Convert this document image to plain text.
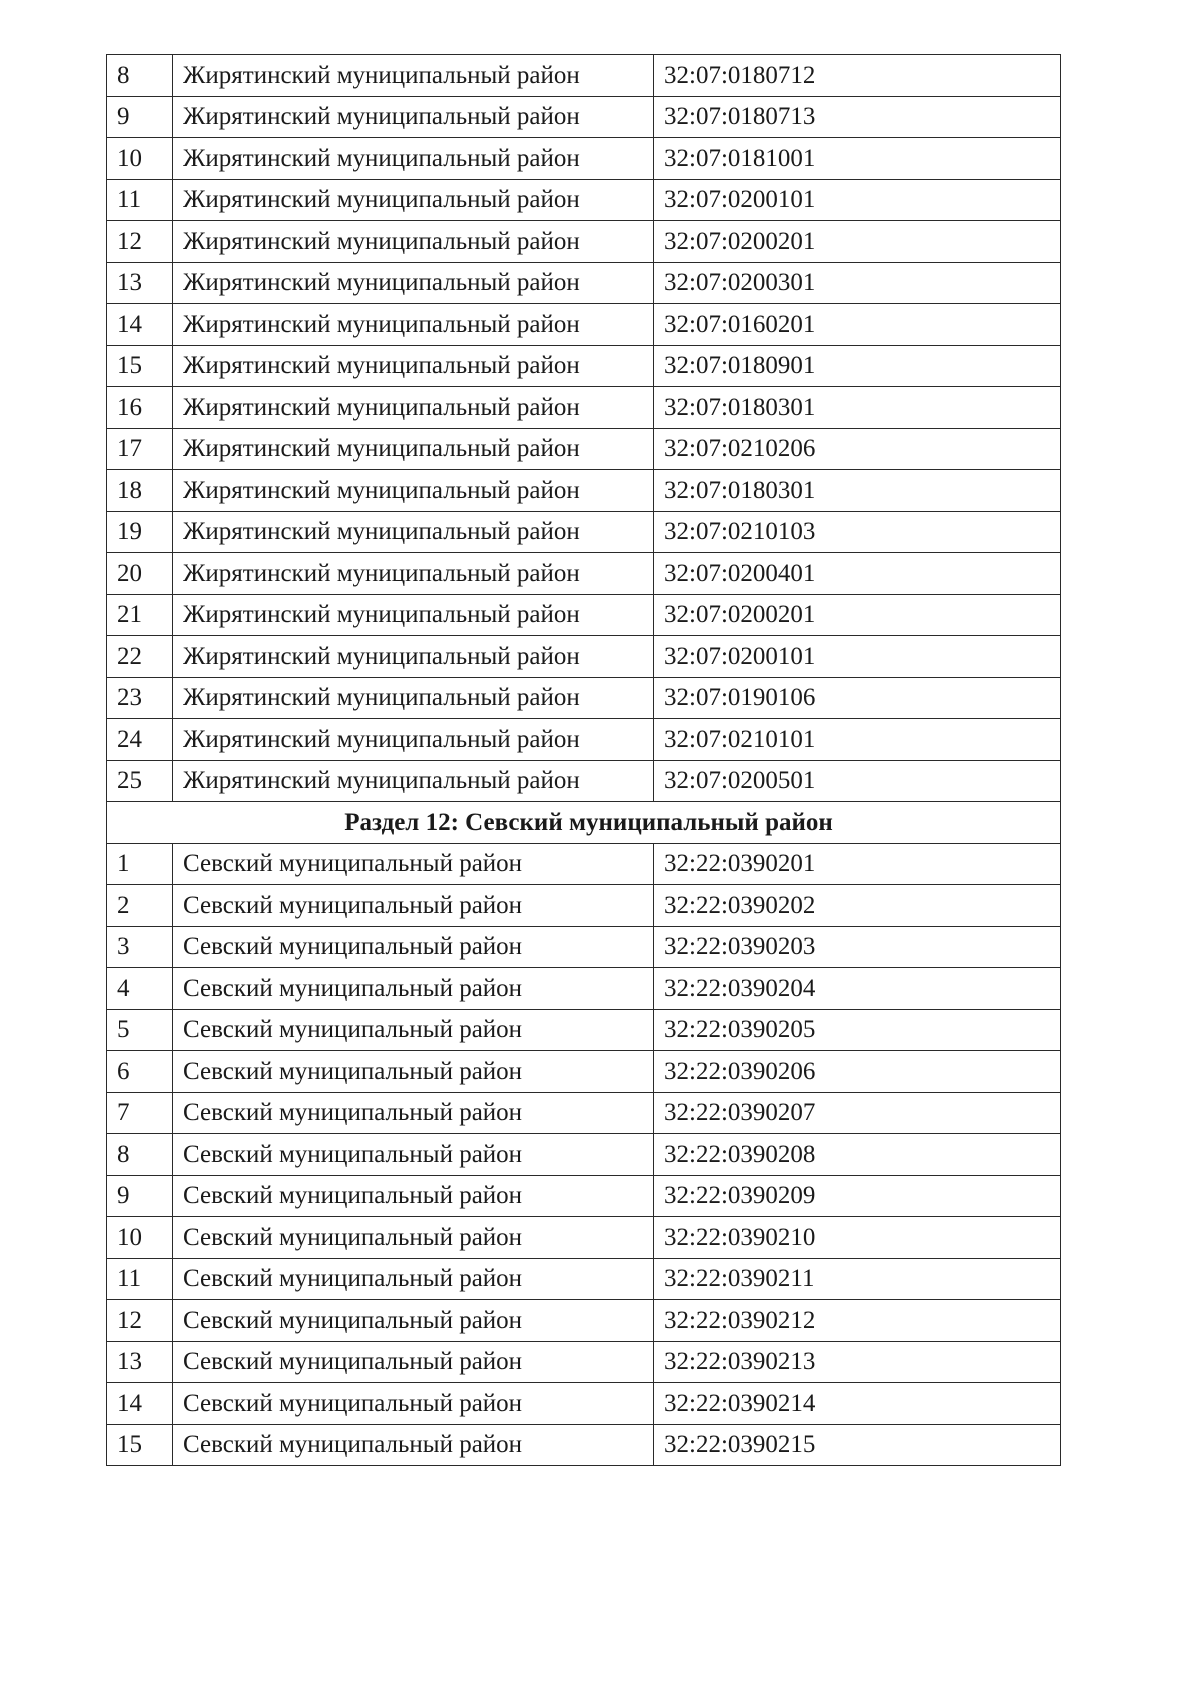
8	Жирятинский муниципальный район	32:07:0180712
9	Жирятинский муниципальный район	32:07:0180713
10	Жирятинский муниципальный район	32:07:0181001
11	Жирятинский муниципальный район	32:07:0200101
12	Жирятинский муниципальный район	32:07:0200201
13	Жирятинский муниципальный район	32:07:0200301
14	Жирятинский муниципальный район	32:07:0160201
15	Жирятинский муниципальный район	32:07:0180901
16	Жирятинский муниципальный район	32:07:0180301
17	Жирятинский муниципальный район	32:07:0210206
18	Жирятинский муниципальный район	32:07:0180301
19	Жирятинский муниципальный район	32:07:0210103
20	Жирятинский муниципальный район	32:07:0200401
21	Жирятинский муниципальный район	32:07:0200201
22	Жирятинский муниципальный район	32:07:0200101
23	Жирятинский муниципальный район	32:07:0190106
24	Жирятинский муниципальный район	32:07:0210101
25	Жирятинский муниципальный район	32:07:0200501
Раздел 12: Севский муниципальный район		
1	Севский муниципальный район	32:22:0390201
2	Севский муниципальный район	32:22:0390202
3	Севский муниципальный район	32:22:0390203
4	Севский муниципальный район	32:22:0390204
5	Севский муниципальный район	32:22:0390205
6	Севский муниципальный район	32:22:0390206
7	Севский муниципальный район	32:22:0390207
8	Севский муниципальный район	32:22:0390208
9	Севский муниципальный район	32:22:0390209
10	Севский муниципальный район	32:22:0390210
11	Севский муниципальный район	32:22:0390211
12	Севский муниципальный район	32:22:0390212
13	Севский муниципальный район	32:22:0390213
14	Севский муниципальный район	32:22:0390214
15	Севский муниципальный район	32:22:0390215
